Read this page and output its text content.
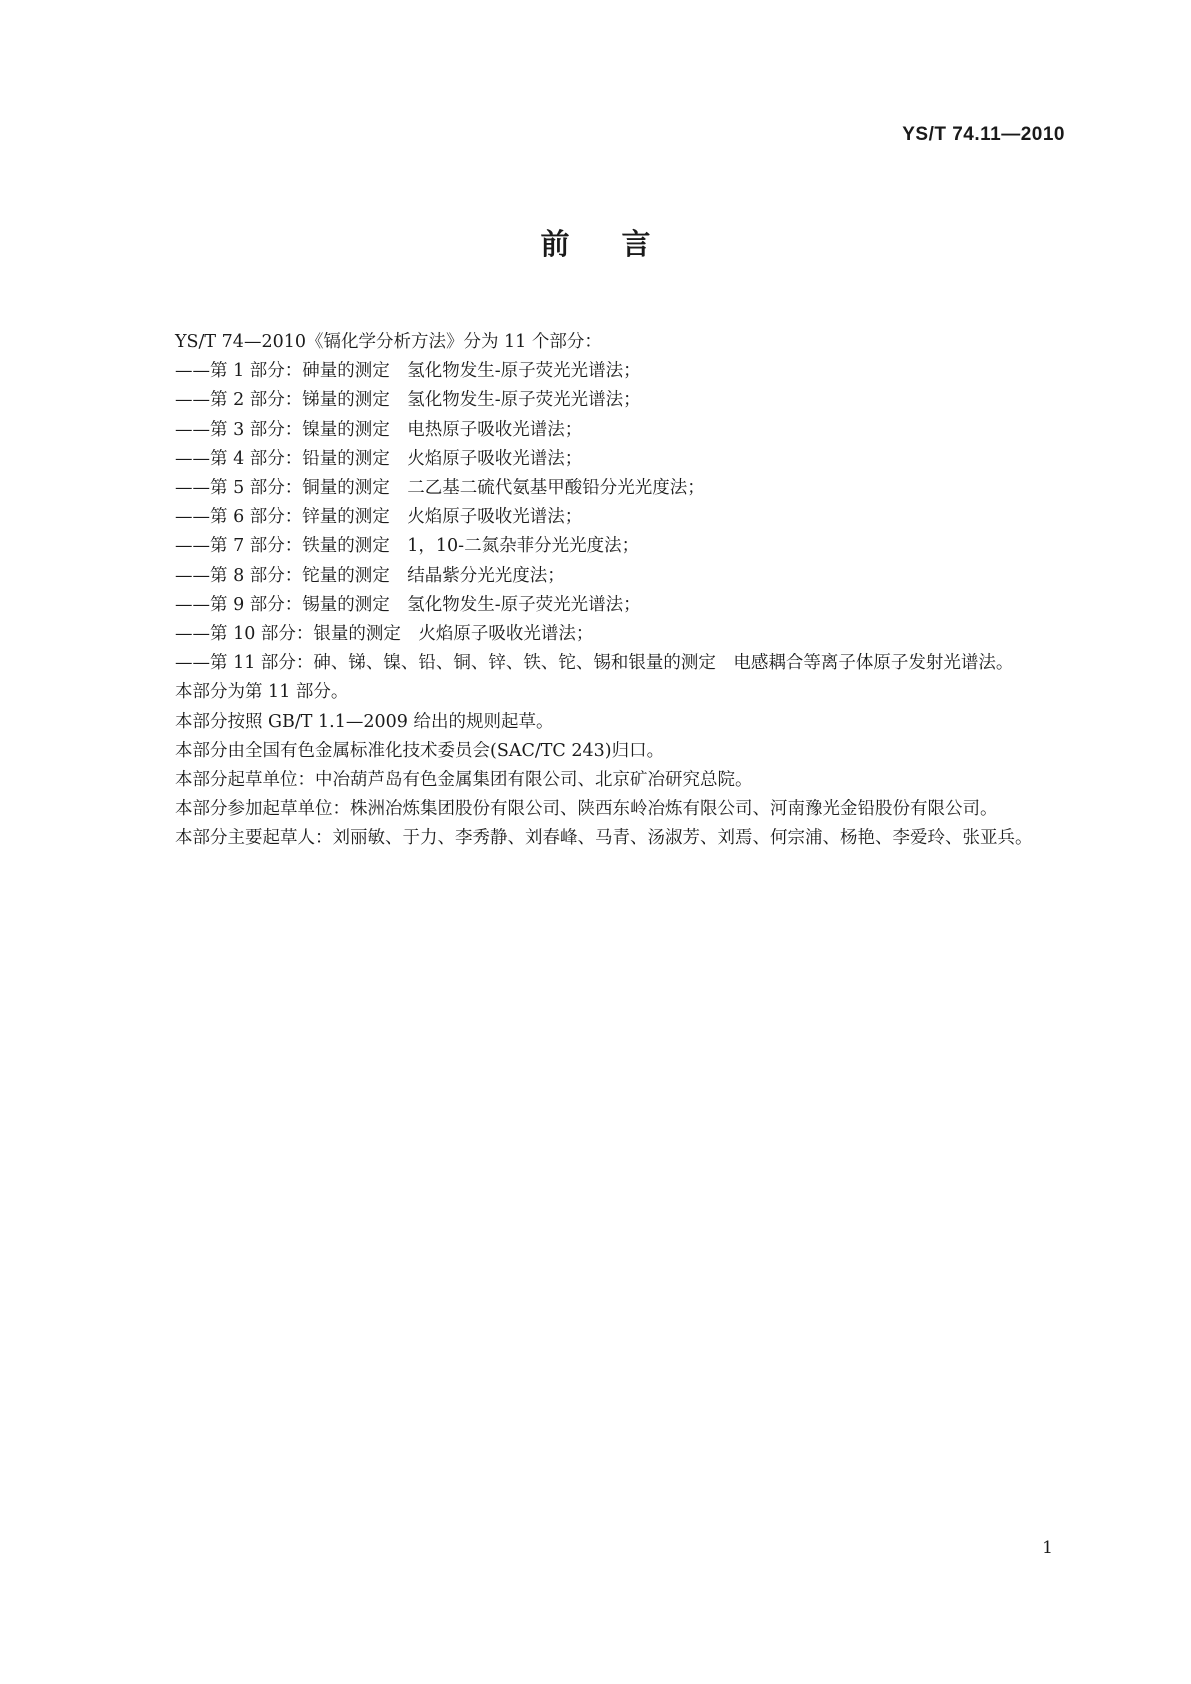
YS/T 74.11—2010
前言

YS/T 74—2010《镉化学分析方法》分为 11 个部分：

——第 1 部分：砷量的测定　氢化物发生-原子荧光光谱法；

——第 2 部分：锑量的测定　氢化物发生-原子荧光光谱法；

——第 3 部分：镍量的测定　电热原子吸收光谱法；

——第 4 部分：铅量的测定　火焰原子吸收光谱法；

——第 5 部分：铜量的测定　二乙基二硫代氨基甲酸铅分光光度法；

——第 6 部分：锌量的测定　火焰原子吸收光谱法；

——第 7 部分：铁量的测定　1，10-二氮杂菲分光光度法；

——第 8 部分：铊量的测定　结晶紫分光光度法；

——第 9 部分：锡量的测定　氢化物发生-原子荧光光谱法；

——第 10 部分：银量的测定　火焰原子吸收光谱法；

——第 11 部分：砷、锑、镍、铅、铜、锌、铁、铊、锡和银量的测定　电感耦合等离子体原子发射光谱法。

本部分为第 11 部分。

本部分按照 GB/T 1.1—2009 给出的规则起草。

本部分由全国有色金属标准化技术委员会(SAC/TC 243)归口。

本部分起草单位：中冶葫芦岛有色金属集团有限公司、北京矿冶研究总院。

本部分参加起草单位：株洲冶炼集团股份有限公司、陕西东岭冶炼有限公司、河南豫光金铅股份有限公司。

本部分主要起草人：刘丽敏、于力、李秀静、刘春峰、马青、汤淑芳、刘焉、何宗浦、杨艳、李爱玲、张亚兵。

1
